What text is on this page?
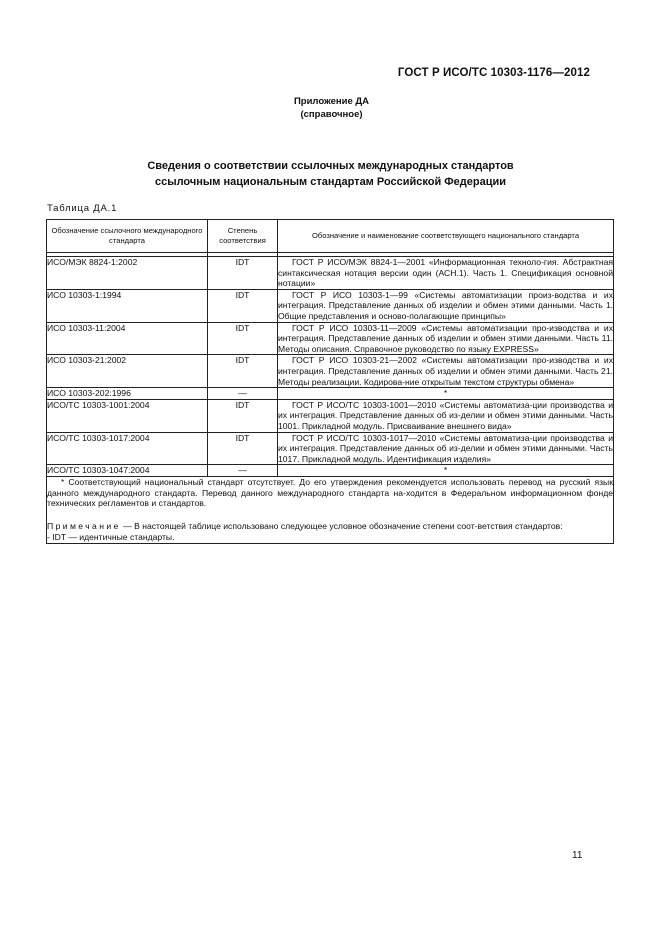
ГОСТ Р ИСО/ТС 10303-1176—2012
Приложение ДА
(справочное)
Сведения о соответствии ссылочных международных стандартов
ссылочным национальным стандартам Российской Федерации
Таблица ДА.1
Обозначение ссылочного международного стандарта	Степень соответствия	Обозначение и наименование соответствующего национального стандарта

ИСО/МЭК 8824-1:2002	IDT	ГОСТ Р ИСО/МЭК 8824-1—2001 «Информационная техноло-гия. Абстрактная синтаксическая нотация версии один (АСН.1). Часть 1. Спецификация основной нотации»
ИСО 10303-1:1994	IDT	ГОСТ Р ИСО 10303-1—99 «Системы автоматизации произ-водства и их интеграция. Представление данных об изделии и обмен этими данными. Часть 1. Общие представления и осново-полагающие принципы»
ИСО 10303-11:2004	IDT	ГОСТ Р ИСО 10303-11—2009 «Системы автоматизации про-изводства и их интеграция. Представление данных об изделии и обмен этими данными. Часть 11. Методы описания. Справочное руководство по языку EXPRESS»
ИСО 10303-21:2002	IDT	ГОСТ Р ИСО 10303-21—2002 «Системы автоматизации про-изводства и их интеграция. Представление данных об изделии и обмен этими данными. Часть 21. Методы реализации. Кодирова-ние открытым текстом структуры обмена»
ИСО 10303-202:1996	—	*
ИСО/ТС 10303-1001:2004	IDT	ГОСТ Р ИСО/ТС 10303-1001—2010 «Системы автоматиза-ции производства и их интеграция. Представление данных об из-делии и обмен этими данными. Часть 1001. Прикладной модуль. Присваивание внешнего вида»
ИСО/ТС 10303-1017:2004	IDT	ГОСТ Р ИСО/ТС 10303-1017—2010 «Системы автоматиза-ции производства и их интеграция. Представление данных об из-делии и обмен этими данными. Часть 1017. Прикладной модуль. Идентификация изделия»
ИСО/ТС 10303-1047:2004	—	*

* Соответствующий национальный стандарт отсутствует. До его утверждения рекомендуется использовать перевод на русский язык данного международного стандарта. Перевод данного международного стандарта на-ходится в Федеральном информационном фонде технических регламентов и стандартов.

Примечание — В настоящей таблице использовано следующее условное обозначение степени соот-ветствия стандартов:
- IDT — идентичные стандарты.		
11
